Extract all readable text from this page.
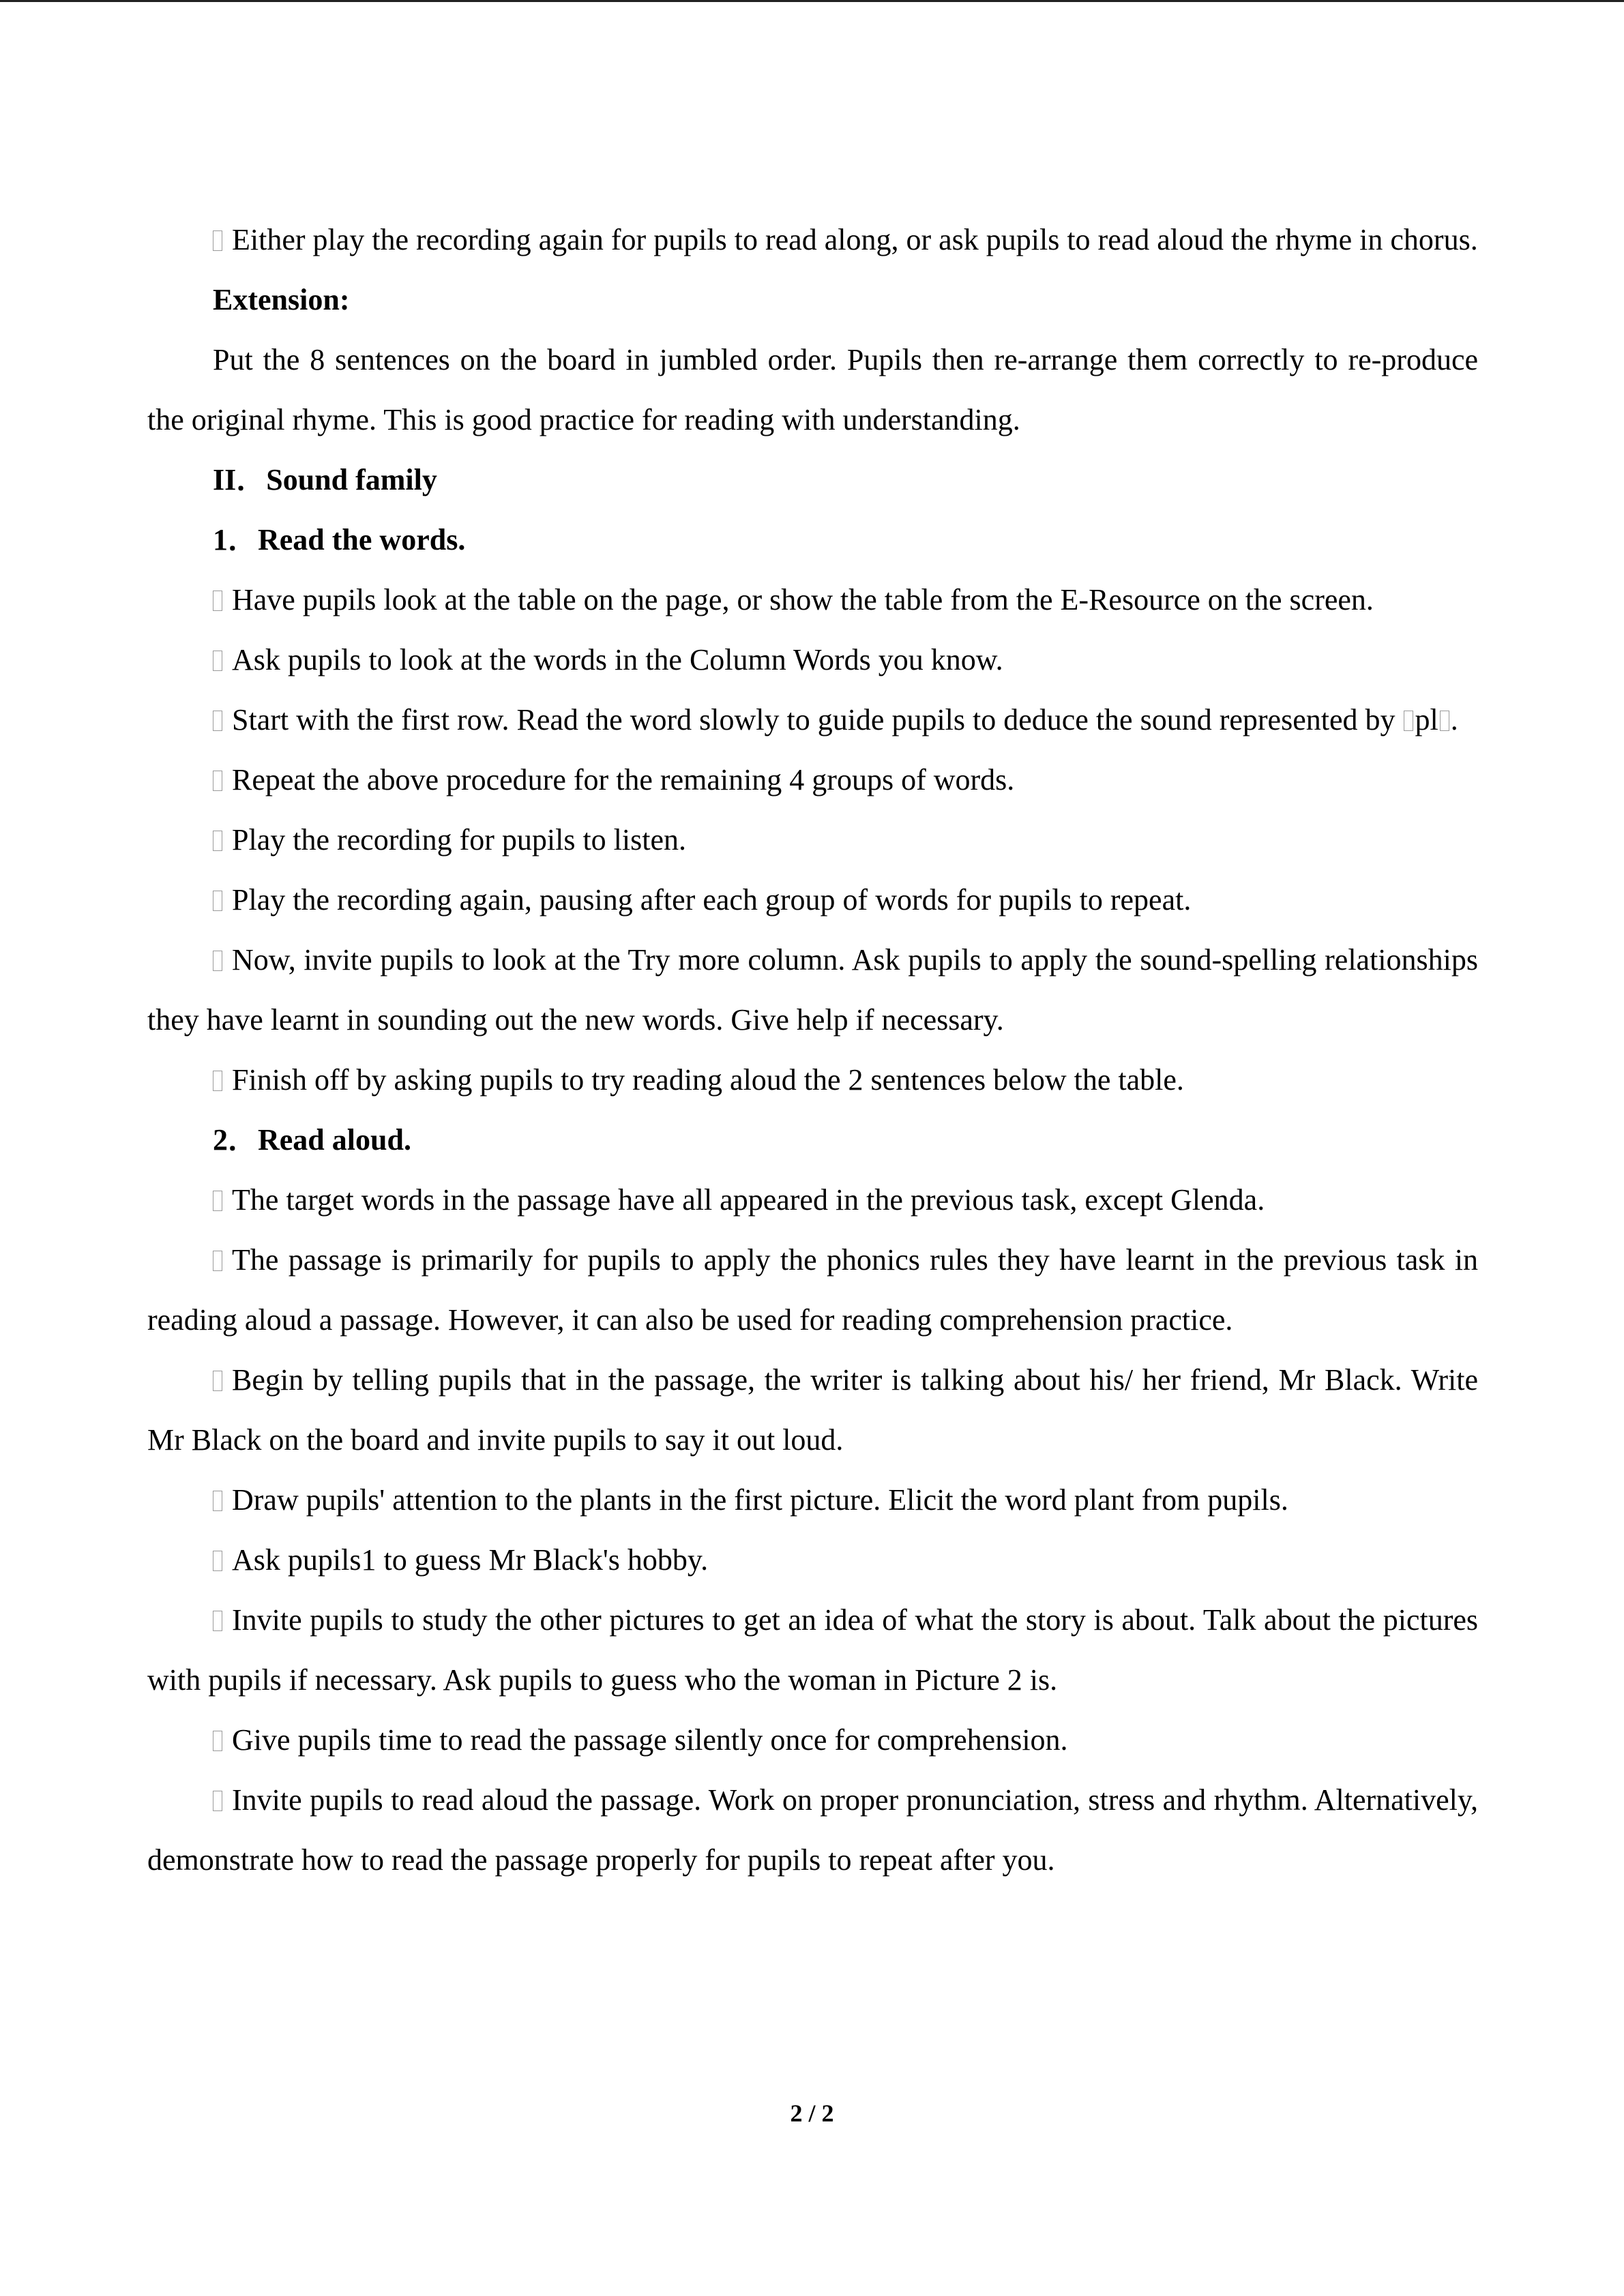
Either play the recording again for pupils to read along, or ask pupils to read aloud the rhyme in chorus.

Extension:

Put the 8 sentences on the board in jumbled order. Pupils then re-arrange them correctly to re-produce the original rhyme. This is good practice for reading with understanding.

II．Sound family

1．Read the words.

Have pupils look at the table on the page, or show the table from the E-Resource on the screen.

Ask pupils to look at the words in the Column Words you know.

Start with the first row. Read the word slowly to guide pupils to deduce the sound represented by pl .

Repeat the above procedure for the remaining 4 groups of words.

Play the recording for pupils to listen.

Play the recording again, pausing after each group of words for pupils to repeat.

Now, invite pupils to look at the Try more column. Ask pupils to apply the sound-spelling relationships they have learnt in sounding out the new words. Give help if necessary.

Finish off by asking pupils to try reading aloud the 2 sentences below the table.

2．Read aloud.

The target words in the passage have all appeared in the previous task, except Glenda.

The passage is primarily for pupils to apply the phonics rules they have learnt in the previous task in reading aloud a passage. However, it can also be used for reading comprehension practice.

Begin by telling pupils that in the passage, the writer is talking about his/ her friend, Mr Black. Write Mr Black on the board and invite pupils to say it out loud.

Draw pupils' attention to the plants in the first picture. Elicit the word plant from pupils.

Ask pupils1 to guess Mr Black's hobby.

Invite pupils to study the other pictures to get an idea of what the story is about. Talk about the pictures with pupils if necessary. Ask pupils to guess who the woman in Picture 2 is.

Give pupils time to read the passage silently once for comprehension.

Invite pupils to read aloud the passage. Work on proper pronunciation, stress and rhythm. Alternatively, demonstrate how to read the passage properly for pupils to repeat after you.

2 / 2
